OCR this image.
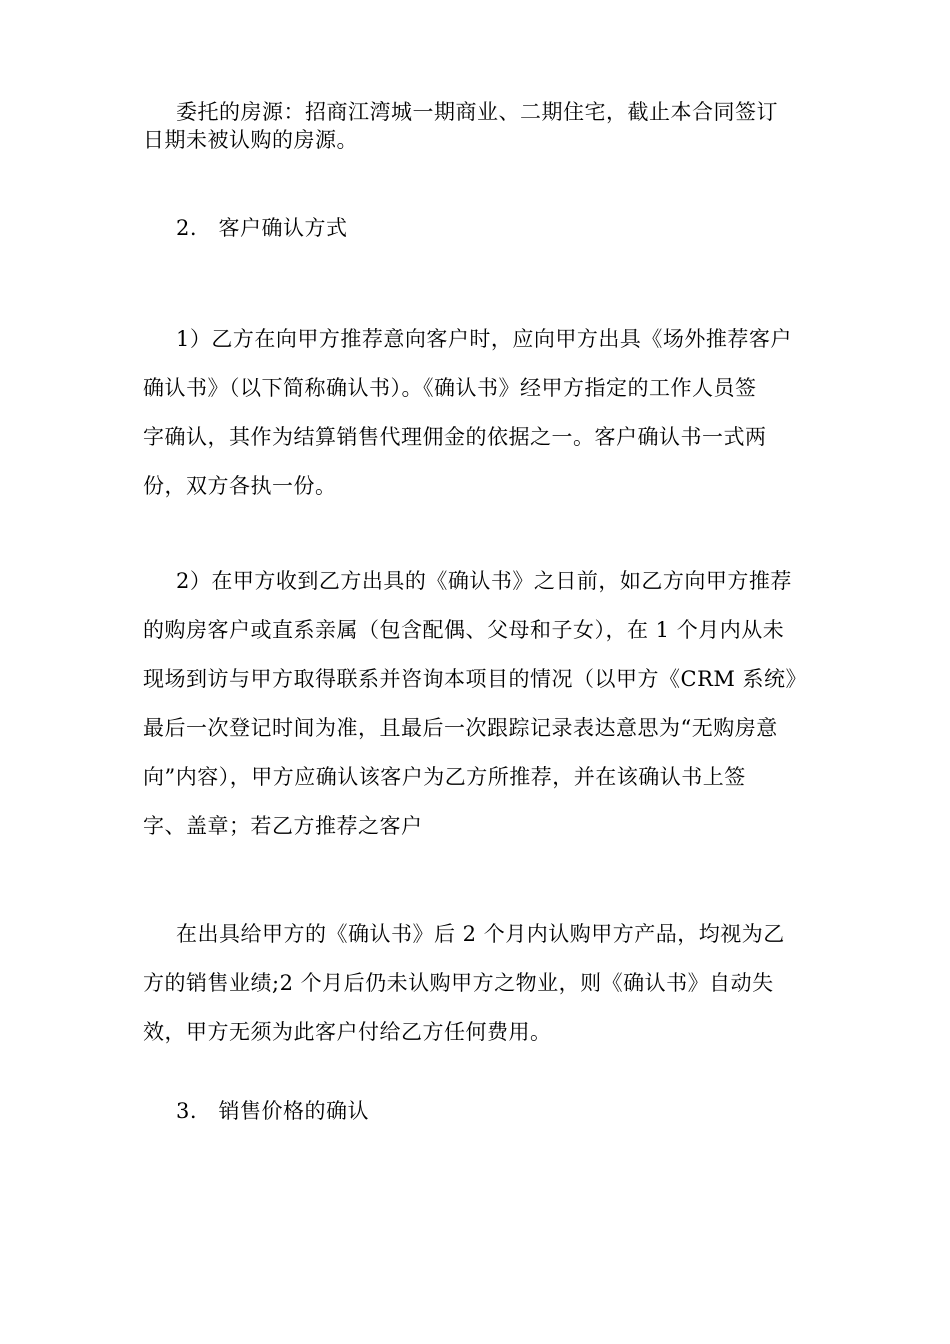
委托的房源：招商江湾城一期商业、二期住宅，截止本合同签订
日期未被认购的房源。
2.　客户确认方式
1）乙方在向甲方推荐意向客户时，应向甲方出具《场外推荐客户
确认书》（以下简称确认书）。《确认书》经甲方指定的工作人员签
字确认，其作为结算销售代理佣金的依据之一。客户确认书一式两
份，双方各执一份。
2）在甲方收到乙方出具的《确认书》之日前，如乙方向甲方推荐
的购房客户或直系亲属（包含配偶、父母和子女），在 1 个月内从未
现场到访与甲方取得联系并咨询本项目的情况（以甲方《CRM 系统》
最后一次登记时间为准，且最后一次跟踪记录表达意思为“无购房意
向”内容），甲方应确认该客户为乙方所推荐，并在该确认书上签
字、盖章；若乙方推荐之客户
在出具给甲方的《确认书》后 2 个月内认购甲方产品，均视为乙
方的销售业绩;2 个月后仍未认购甲方之物业，则《确认书》自动失
效，甲方无须为此客户付给乙方任何费用。
3.　销售价格的确认
